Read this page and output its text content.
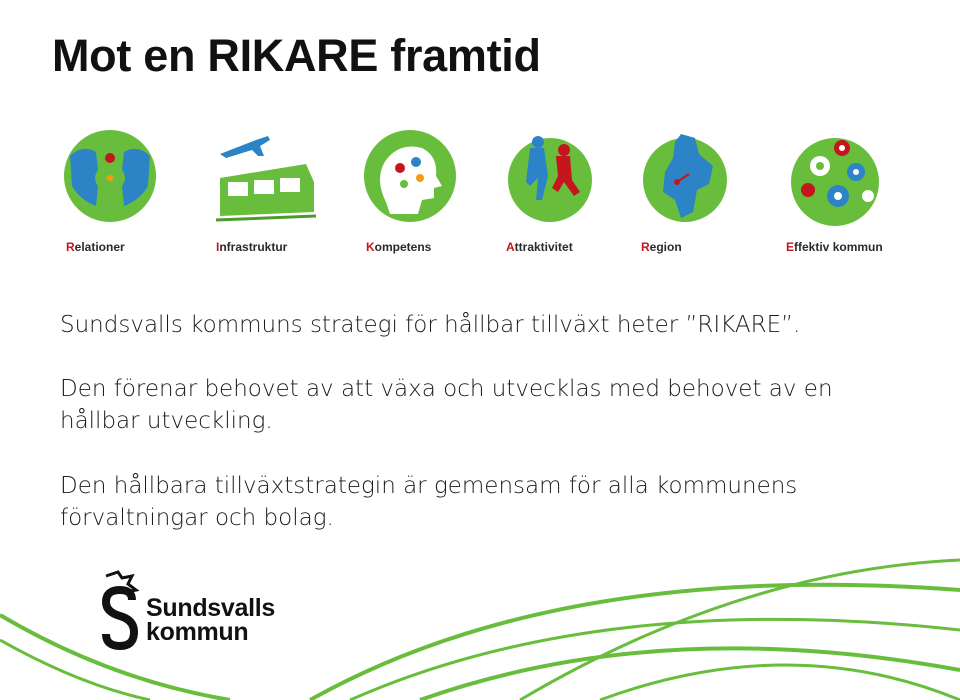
Mot en RIKARE framtid
Relationer	Infrastruktur	Kompetens	Attraktivitet	Region	Effektiv kommun

Sundsvalls kommuns strategi för hållbar tillväxt heter ”RIKARE”.

Den förenar behovet av att växa och utvecklas med behovet av en hållbar utveckling.

Den hållbara tillväxtstrategin är gemensam för alla kommunens förvaltningar och bolag.

Sundsvalls
kommun
